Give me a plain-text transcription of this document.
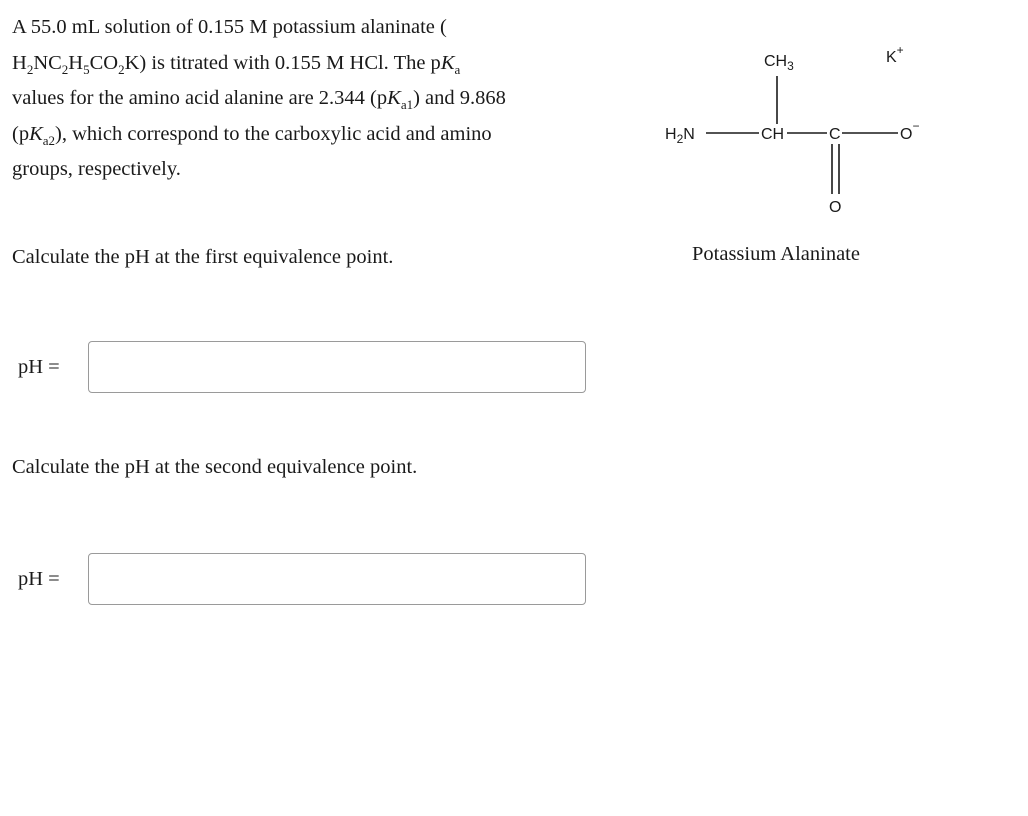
A 55.0 mL solution of 0.155 M potassium alaninate (

$H_2NC_2H_5CO_2K$) is titrated with 0.155 M HCl. The $pK_a$

values for the amino acid alanine are 2.344 $(pK_{a1})$ and 9.868

$(pK_{a2})$, which correspond to the carboxylic acid and amino

groups, respectively.

$CH_3$
$H_2N$	CH	C	O−
O
K+
Potassium Alaninate
Calculate the pH at the first equivalence point.
pH =
Calculate the pH at the second equivalence point.
pH =
